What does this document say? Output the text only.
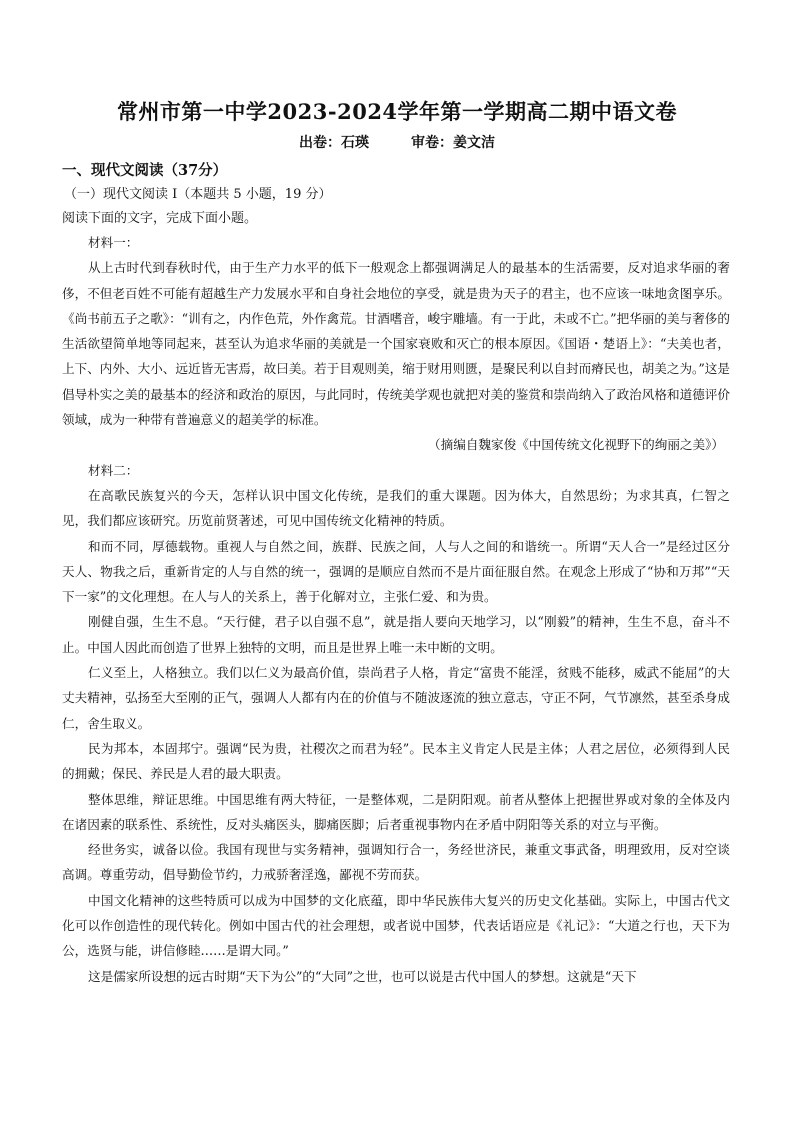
常州市第一中学2023-2024学年第一学期高二期中语文卷
出卷：石瑛	审卷：姜文洁
一、现代文阅读（37分）
（一）现代文阅读 I（本题共 5 小题，19 分）
阅读下面的文字，完成下面小题。

材料一：

从上古时代到春秋时代，由于生产力水平的低下一般观念上都强调满足人的最基本的生活需要，反对追求华丽的奢侈，不但老百姓不可能有超越生产力发展水平和自身社会地位的享受，就是贵为天子的君主，也不应该一味地贪图享乐。《尚书前五子之歌》：“训有之，内作色荒，外作禽荒。甘酒嗜音，峻宇雕墙。有一于此，未或不亡。”把华丽的美与奢侈的生活欲望简单地等同起来，甚至认为追求华丽的美就是一个国家衰败和灭亡的根本原因。《国语・楚语上》：“夫美也者，上下、内外、大小、远近皆无害焉，故曰美。若于目观则美，缩于财用则匮，是聚民利以自封而瘠民也，胡美之为。”这是倡导朴实之美的最基本的经济和政治的原因，与此同时，传统美学观也就把对美的鉴赏和崇尚纳入了政治风格和道德评价领域，成为一种带有普遍意义的超美学的标准。

（摘编自魏家俊《中国传统文化视野下的绚丽之美》）

材料二：

在高歌民族复兴的今天，怎样认识中国文化传统，是我们的重大课题。因为体大，自然思纷；为求其真，仁智之见，我们都应该研究。历览前贤著述，可见中国传统文化精神的特质。

和而不同，厚德载物。重视人与自然之间，族群、民族之间，人与人之间的和谐统一。所谓“天人合一”是经过区分天人、物我之后，重新肯定的人与自然的统一，强调的是顺应自然而不是片面征服自然。在观念上形成了“协和万邦”“天下一家”的文化理想。在人与人的关系上，善于化解对立，主张仁爱、和为贵。

刚健自强，生生不息。“天行健，君子以自强不息”，就是指人要向天地学习，以“刚毅”的精神，生生不息，奋斗不止。中国人因此而创造了世界上独特的文明，而且是世界上唯一未中断的文明。

仁义至上，人格独立。我们以仁义为最高价值，崇尚君子人格，肯定“富贵不能淫，贫贱不能移，威武不能屈”的大丈夫精神，弘扬至大至刚的正气，强调人人都有内在的价值与不随波逐流的独立意志，守正不阿，气节凛然，甚至杀身成仁，舍生取义。

民为邦本，本固邦宁。强调“民为贵，社稷次之而君为轻”。民本主义肯定人民是主体；人君之居位，必须得到人民的拥戴；保民、养民是人君的最大职责。

整体思维，辩证思维。中国思维有两大特征，一是整体观，二是阴阳观。前者从整体上把握世界或对象的全体及内在诸因素的联系性、系统性，反对头痛医头，脚痛医脚；后者重视事物内在矛盾中阴阳等关系的对立与平衡。

经世务实，诚备以俭。我国有现世与实务精神，强调知行合一，务经世济民，兼重文事武备，明理致用，反对空谈高调。尊重劳动，倡导勤俭节约，力戒骄奢淫逸，鄙视不劳而获。

中国文化精神的这些特质可以成为中国梦的文化底蕴，即中华民族伟大复兴的历史文化基础。实际上，中国古代文化可以作创造性的现代转化。例如中国古代的社会理想，或者说中国梦，代表话语应是《礼记》：“大道之行也，天下为公，选贤与能，讲信修睦……是谓大同。”

这是儒家所设想的远古时期“天下为公”的“大同”之世，也可以说是古代中国人的梦想。这就是“天下
